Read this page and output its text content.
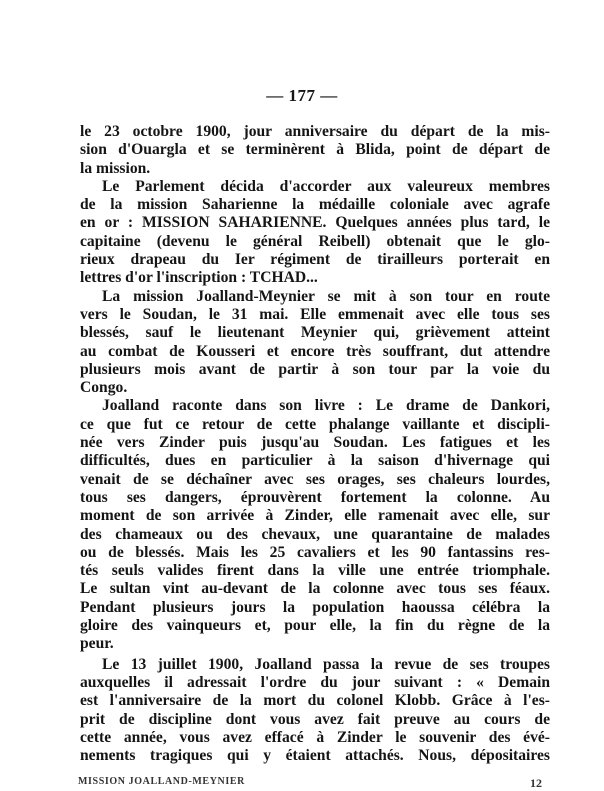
— 177 —
le 23 octobre 1900, jour anniversaire du départ de la mis-
sion d'Ouargla et se terminèrent à Blida, point de départ de
la mission.
Le Parlement décida d'accorder aux valeureux membres
de la mission Saharienne la médaille coloniale avec agrafe
en or : MISSION SAHARIENNE. Quelques années plus tard, le
capitaine (devenu le général Reibell) obtenait que le glo-
rieux drapeau du Ier régiment de tirailleurs porterait en
lettres d'or l'inscription : TCHAD...
La mission Joalland-Meynier se mit à son tour en route
vers le Soudan, le 31 mai. Elle emmenait avec elle tous ses
blessés, sauf le lieutenant Meynier qui, grièvement atteint
au combat de Kousseri et encore très souffrant, dut attendre
plusieurs mois avant de partir à son tour par la voie du
Congo.
Joalland raconte dans son livre : Le drame de Dankori,
ce que fut ce retour de cette phalange vaillante et discipli-
née vers Zinder puis jusqu'au Soudan. Les fatigues et les
difficultés, dues en particulier à la saison d'hivernage qui
venait de se déchaîner avec ses orages, ses chaleurs lourdes,
tous ses dangers, éprouvèrent fortement la colonne. Au
moment de son arrivée à Zinder, elle ramenait avec elle, sur
des chameaux ou des chevaux, une quarantaine de malades
ou de blessés. Mais les 25 cavaliers et les 90 fantassins res-
tés seuls valides firent dans la ville une entrée triomphale.
Le sultan vint au-devant de la colonne avec tous ses féaux.
Pendant plusieurs jours la population haoussa célébra la
gloire des vainqueurs et, pour elle, la fin du règne de la
peur.
Le 13 juillet 1900, Joalland passa la revue de ses troupes
auxquelles il adressait l'ordre du jour suivant : « Demain
est l'anniversaire de la mort du colonel Klobb. Grâce à l'es-
prit de discipline dont vous avez fait preuve au cours de
cette année, vous avez effacé à Zinder le souvenir des évé-
nements tragiques qui y étaient attachés. Nous, dépositaires
MISSION JOALLAND-MEYNIER	12
